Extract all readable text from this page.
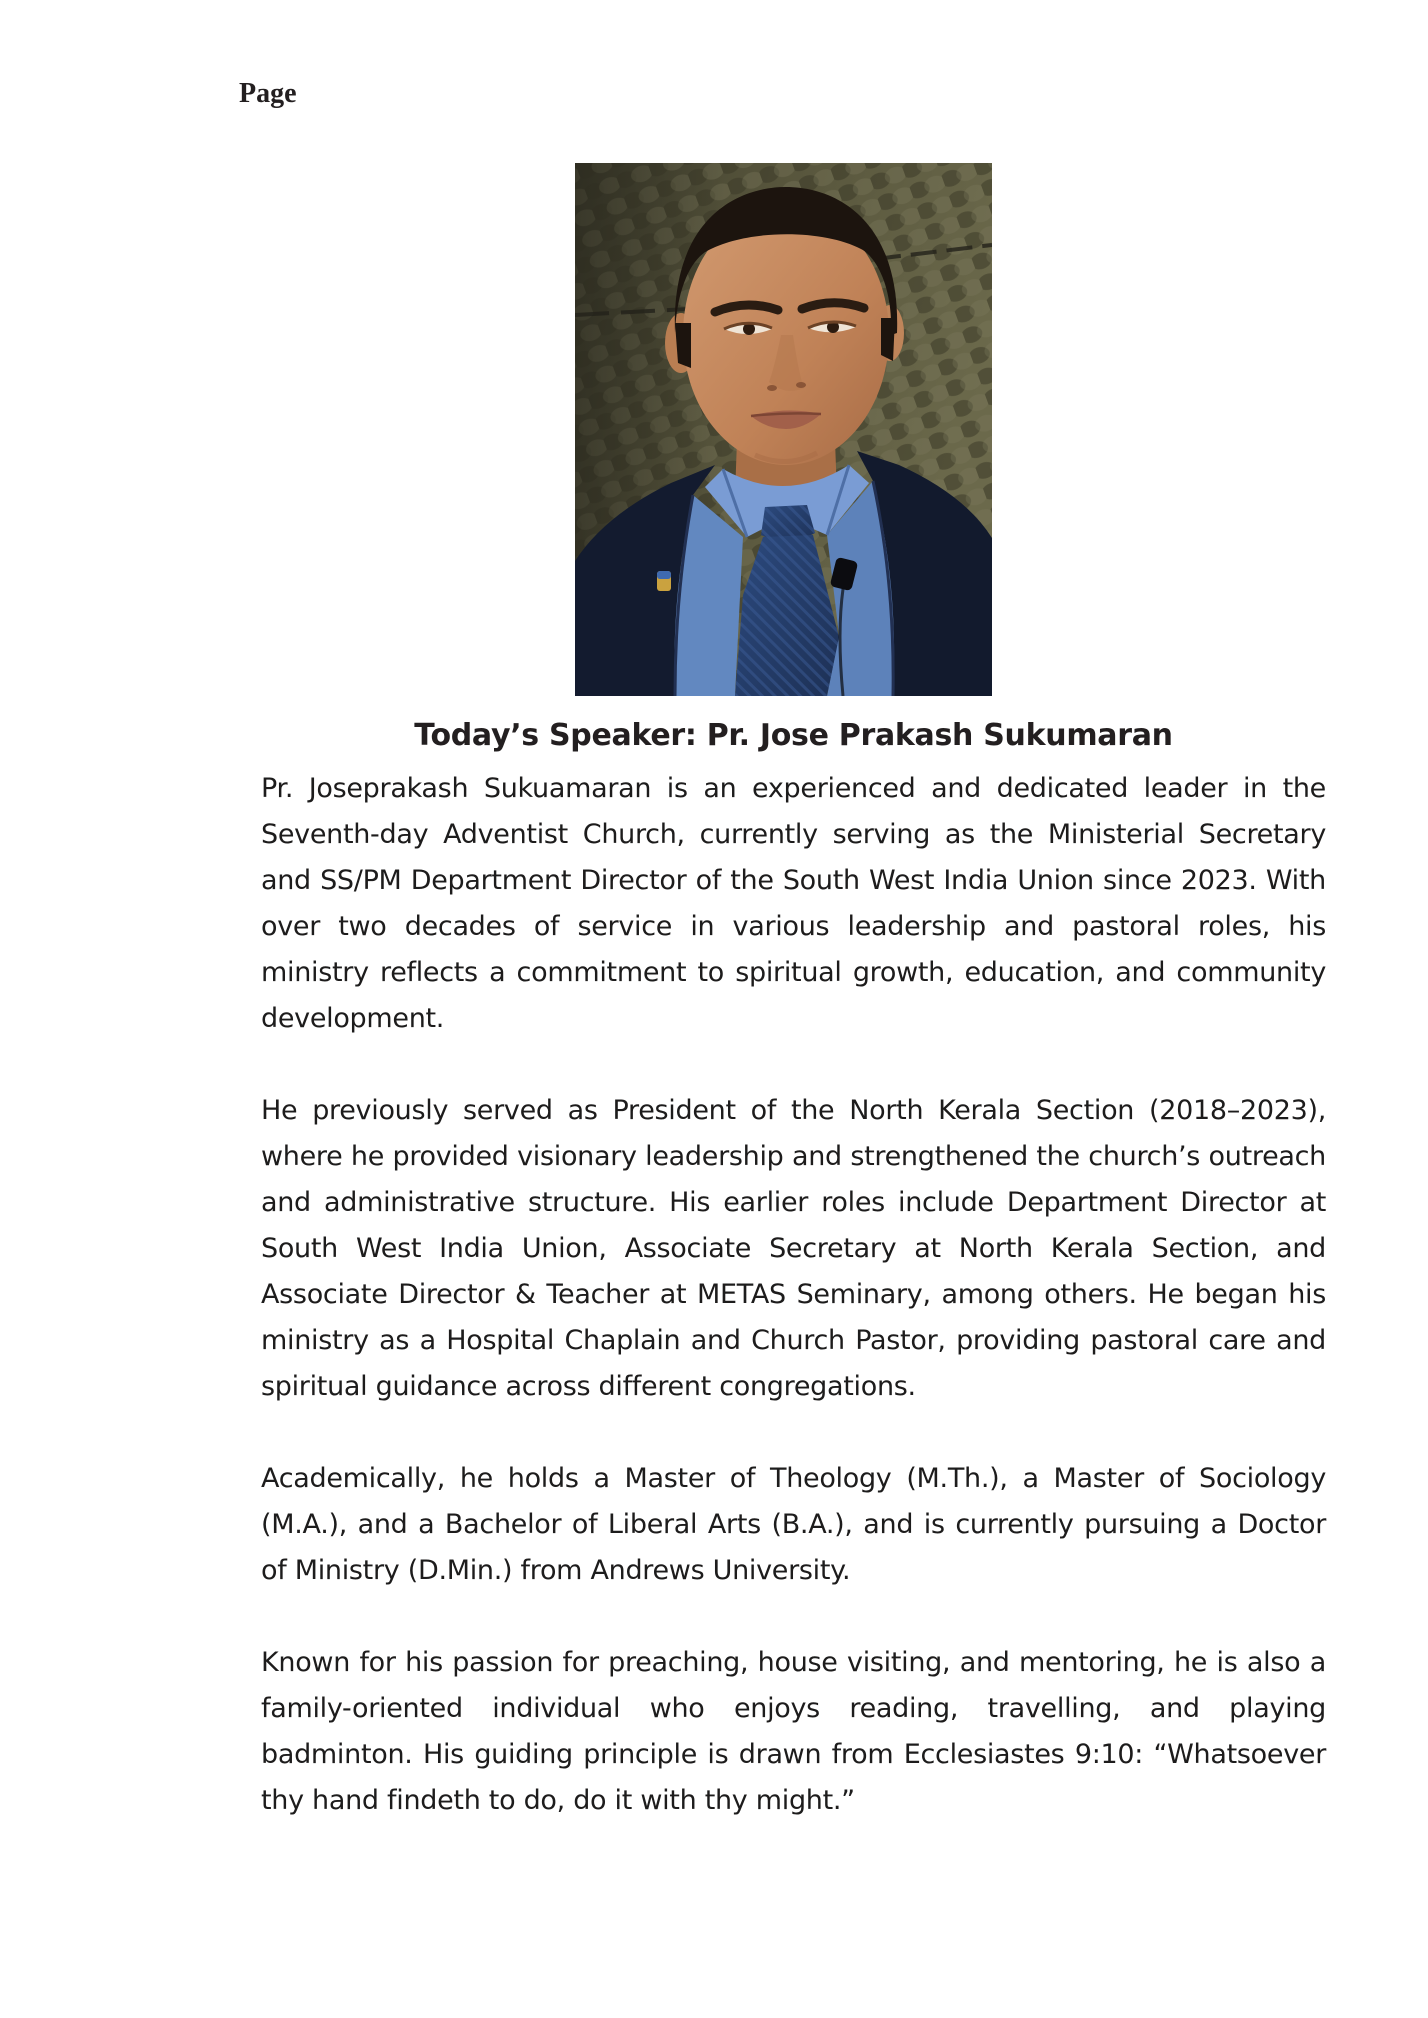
Page
Today’s Speaker: Pr. Jose Prakash Sukumaran

Pr. Joseprakash Sukuamaran is an experienced and dedicated leader in the Seventh-day Adventist Church, currently serving as the Ministerial Secretary and SS/PM Department Director of the South West India Union since 2023. With over two decades of service in various leadership and pastoral roles, his ministry reflects a commitment to spiritual growth, education, and community development.

He previously served as President of the North Kerala Section (2018–2023), where he provided visionary leadership and strengthened the church’s outreach and administrative structure. His earlier roles include Department Director at South West India Union, Associate Secretary at North Kerala Section, and Associate Director & Teacher at METAS Seminary, among others. He began his ministry as a Hospital Chaplain and Church Pastor, providing pastoral care and spiritual guidance across different congregations.

Academically, he holds a Master of Theology (M.Th.), a Master of Sociology (M.A.), and a Bachelor of Liberal Arts (B.A.), and is currently pursuing a Doctor of Ministry (D.Min.) from Andrews University.

Known for his passion for preaching, house visiting, and mentoring, he is also a family-oriented individual who enjoys reading, travelling, and playing badminton. His guiding principle is drawn from Ecclesiastes 9:10: “Whatsoever thy hand findeth to do, do it with thy might.”
